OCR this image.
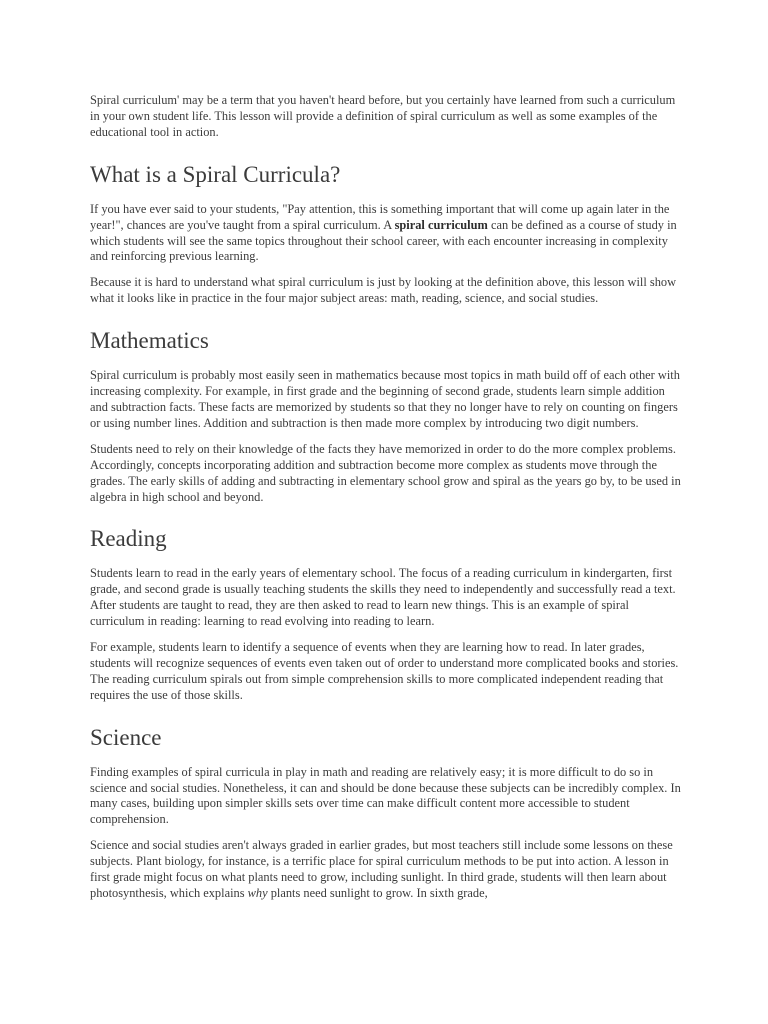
Spiral curriculum' may be a term that you haven't heard before, but you certainly have learned from such a curriculum in your own student life. This lesson will provide a definition of spiral curriculum as well as some examples of the educational tool in action.

What is a Spiral Curricula?

If you have ever said to your students, "Pay attention, this is something important that will come up again later in the year!", chances are you've taught from a spiral curriculum. A spiral curriculum can be defined as a course of study in which students will see the same topics throughout their school career, with each encounter increasing in complexity and reinforcing previous learning.

Because it is hard to understand what spiral curriculum is just by looking at the definition above, this lesson will show what it looks like in practice in the four major subject areas: math, reading, science, and social studies.

Mathematics

Spiral curriculum is probably most easily seen in mathematics because most topics in math build off of each other with increasing complexity. For example, in first grade and the beginning of second grade, students learn simple addition and subtraction facts. These facts are memorized by students so that they no longer have to rely on counting on fingers or using number lines. Addition and subtraction is then made more complex by introducing two digit numbers.

Students need to rely on their knowledge of the facts they have memorized in order to do the more complex problems. Accordingly, concepts incorporating addition and subtraction become more complex as students move through the grades. The early skills of adding and subtracting in elementary school grow and spiral as the years go by, to be used in algebra in high school and beyond.

Reading

Students learn to read in the early years of elementary school. The focus of a reading curriculum in kindergarten, first grade, and second grade is usually teaching students the skills they need to independently and successfully read a text. After students are taught to read, they are then asked to read to learn new things. This is an example of spiral curriculum in reading: learning to read evolving into reading to learn.

For example, students learn to identify a sequence of events when they are learning how to read. In later grades, students will recognize sequences of events even taken out of order to understand more complicated books and stories. The reading curriculum spirals out from simple comprehension skills to more complicated independent reading that requires the use of those skills.

Science

Finding examples of spiral curricula in play in math and reading are relatively easy; it is more difficult to do so in science and social studies. Nonetheless, it can and should be done because these subjects can be incredibly complex. In many cases, building upon simpler skills sets over time can make difficult content more accessible to student comprehension.

Science and social studies aren't always graded in earlier grades, but most teachers still include some lessons on these subjects. Plant biology, for instance, is a terrific place for spiral curriculum methods to be put into action. A lesson in first grade might focus on what plants need to grow, including sunlight. In third grade, students will then learn about photosynthesis, which explains why plants need sunlight to grow. In sixth grade,
